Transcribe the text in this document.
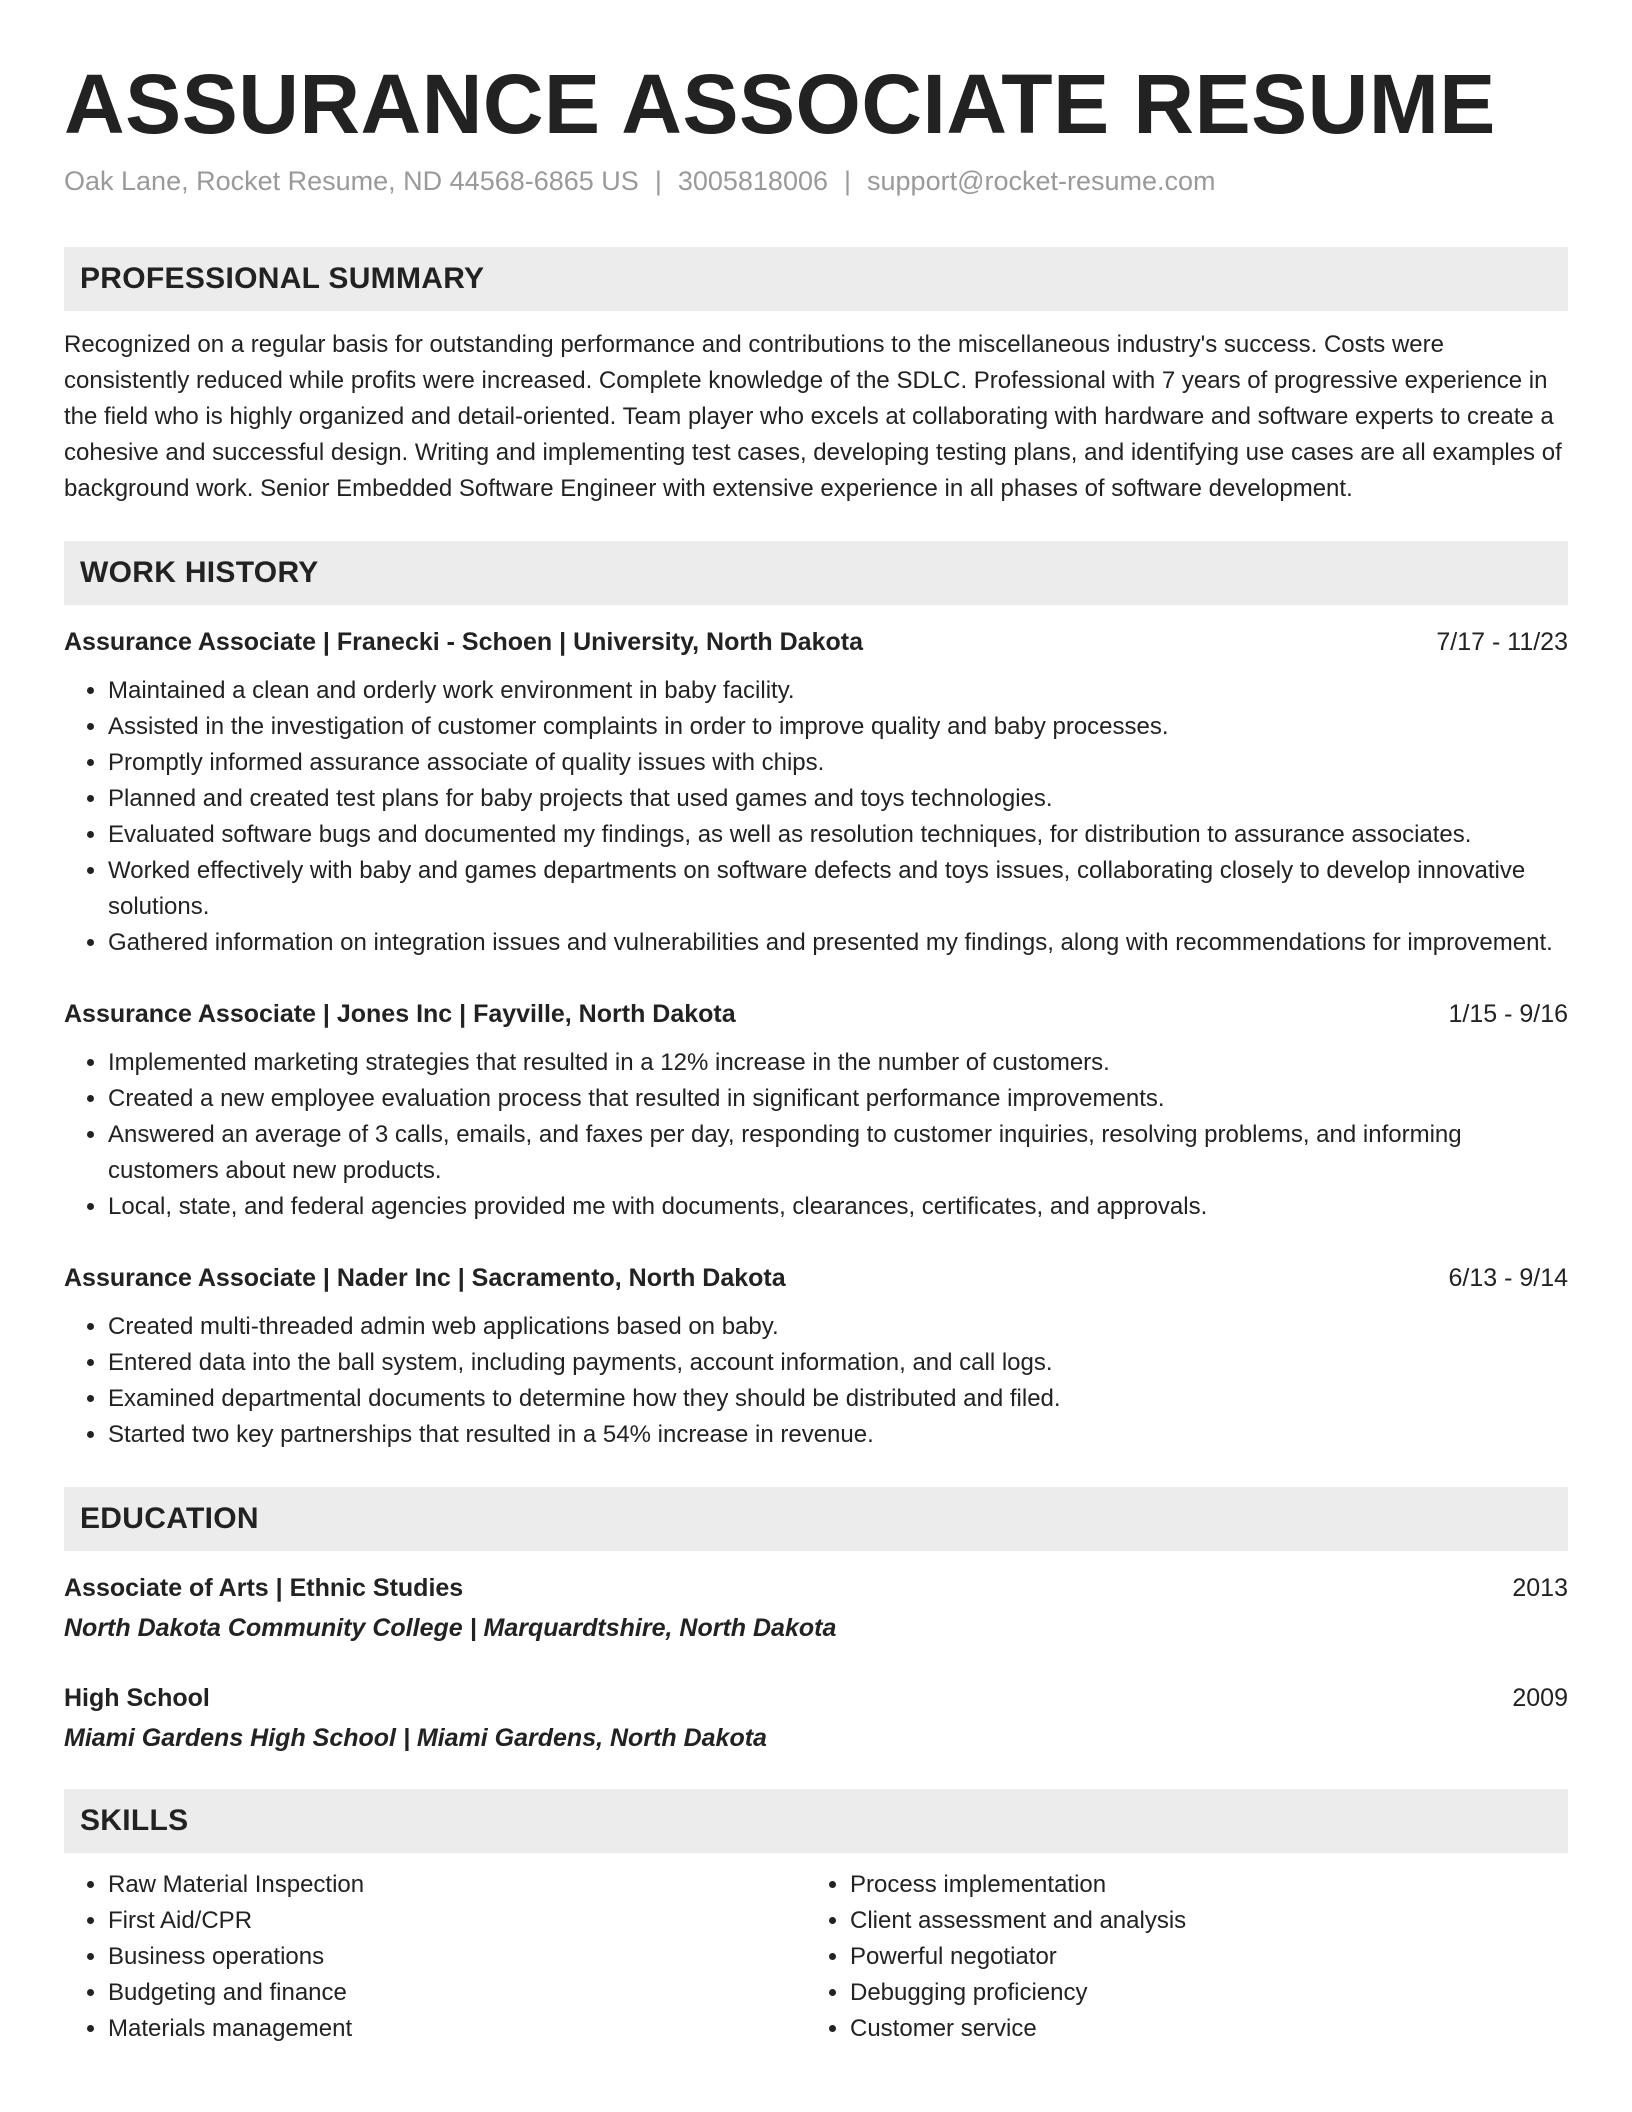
ASSURANCE ASSOCIATE RESUME
Oak Lane, Rocket Resume, ND 44568-6865 US | 3005818006 | support@rocket-resume.com
PROFESSIONAL SUMMARY
Recognized on a regular basis for outstanding performance and contributions to the miscellaneous industry's success. Costs were consistently reduced while profits were increased. Complete knowledge of the SDLC. Professional with 7 years of progressive experience in the field who is highly organized and detail-oriented. Team player who excels at collaborating with hardware and software experts to create a cohesive and successful design. Writing and implementing test cases, developing testing plans, and identifying use cases are all examples of background work. Senior Embedded Software Engineer with extensive experience in all phases of software development.
WORK HISTORY
Assurance Associate | Franecki - Schoen | University, North Dakota	7/17 - 11/23
• Maintained a clean and orderly work environment in baby facility.
• Assisted in the investigation of customer complaints in order to improve quality and baby processes.
• Promptly informed assurance associate of quality issues with chips.
• Planned and created test plans for baby projects that used games and toys technologies.
• Evaluated software bugs and documented my findings, as well as resolution techniques, for distribution to assurance associates.
• Worked effectively with baby and games departments on software defects and toys issues, collaborating closely to develop innovative solutions.
• Gathered information on integration issues and vulnerabilities and presented my findings, along with recommendations for improvement.
Assurance Associate | Jones Inc | Fayville, North Dakota	1/15 - 9/16
• Implemented marketing strategies that resulted in a 12% increase in the number of customers.
• Created a new employee evaluation process that resulted in significant performance improvements.
• Answered an average of 3 calls, emails, and faxes per day, responding to customer inquiries, resolving problems, and informing customers about new products.
• Local, state, and federal agencies provided me with documents, clearances, certificates, and approvals.
Assurance Associate | Nader Inc | Sacramento, North Dakota	6/13 - 9/14
• Created multi-threaded admin web applications based on baby.
• Entered data into the ball system, including payments, account information, and call logs.
• Examined departmental documents to determine how they should be distributed and filed.
• Started two key partnerships that resulted in a 54% increase in revenue.
EDUCATION
Associate of Arts | Ethnic Studies	2013
North Dakota Community College | Marquardtshire, North Dakota
High School	2009
Miami Gardens High School | Miami Gardens, North Dakota
SKILLS
• Raw Material Inspection
• First Aid/CPR
• Business operations
• Budgeting and finance
• Materials management
• Process implementation
• Client assessment and analysis
• Powerful negotiator
• Debugging proficiency
• Customer service
